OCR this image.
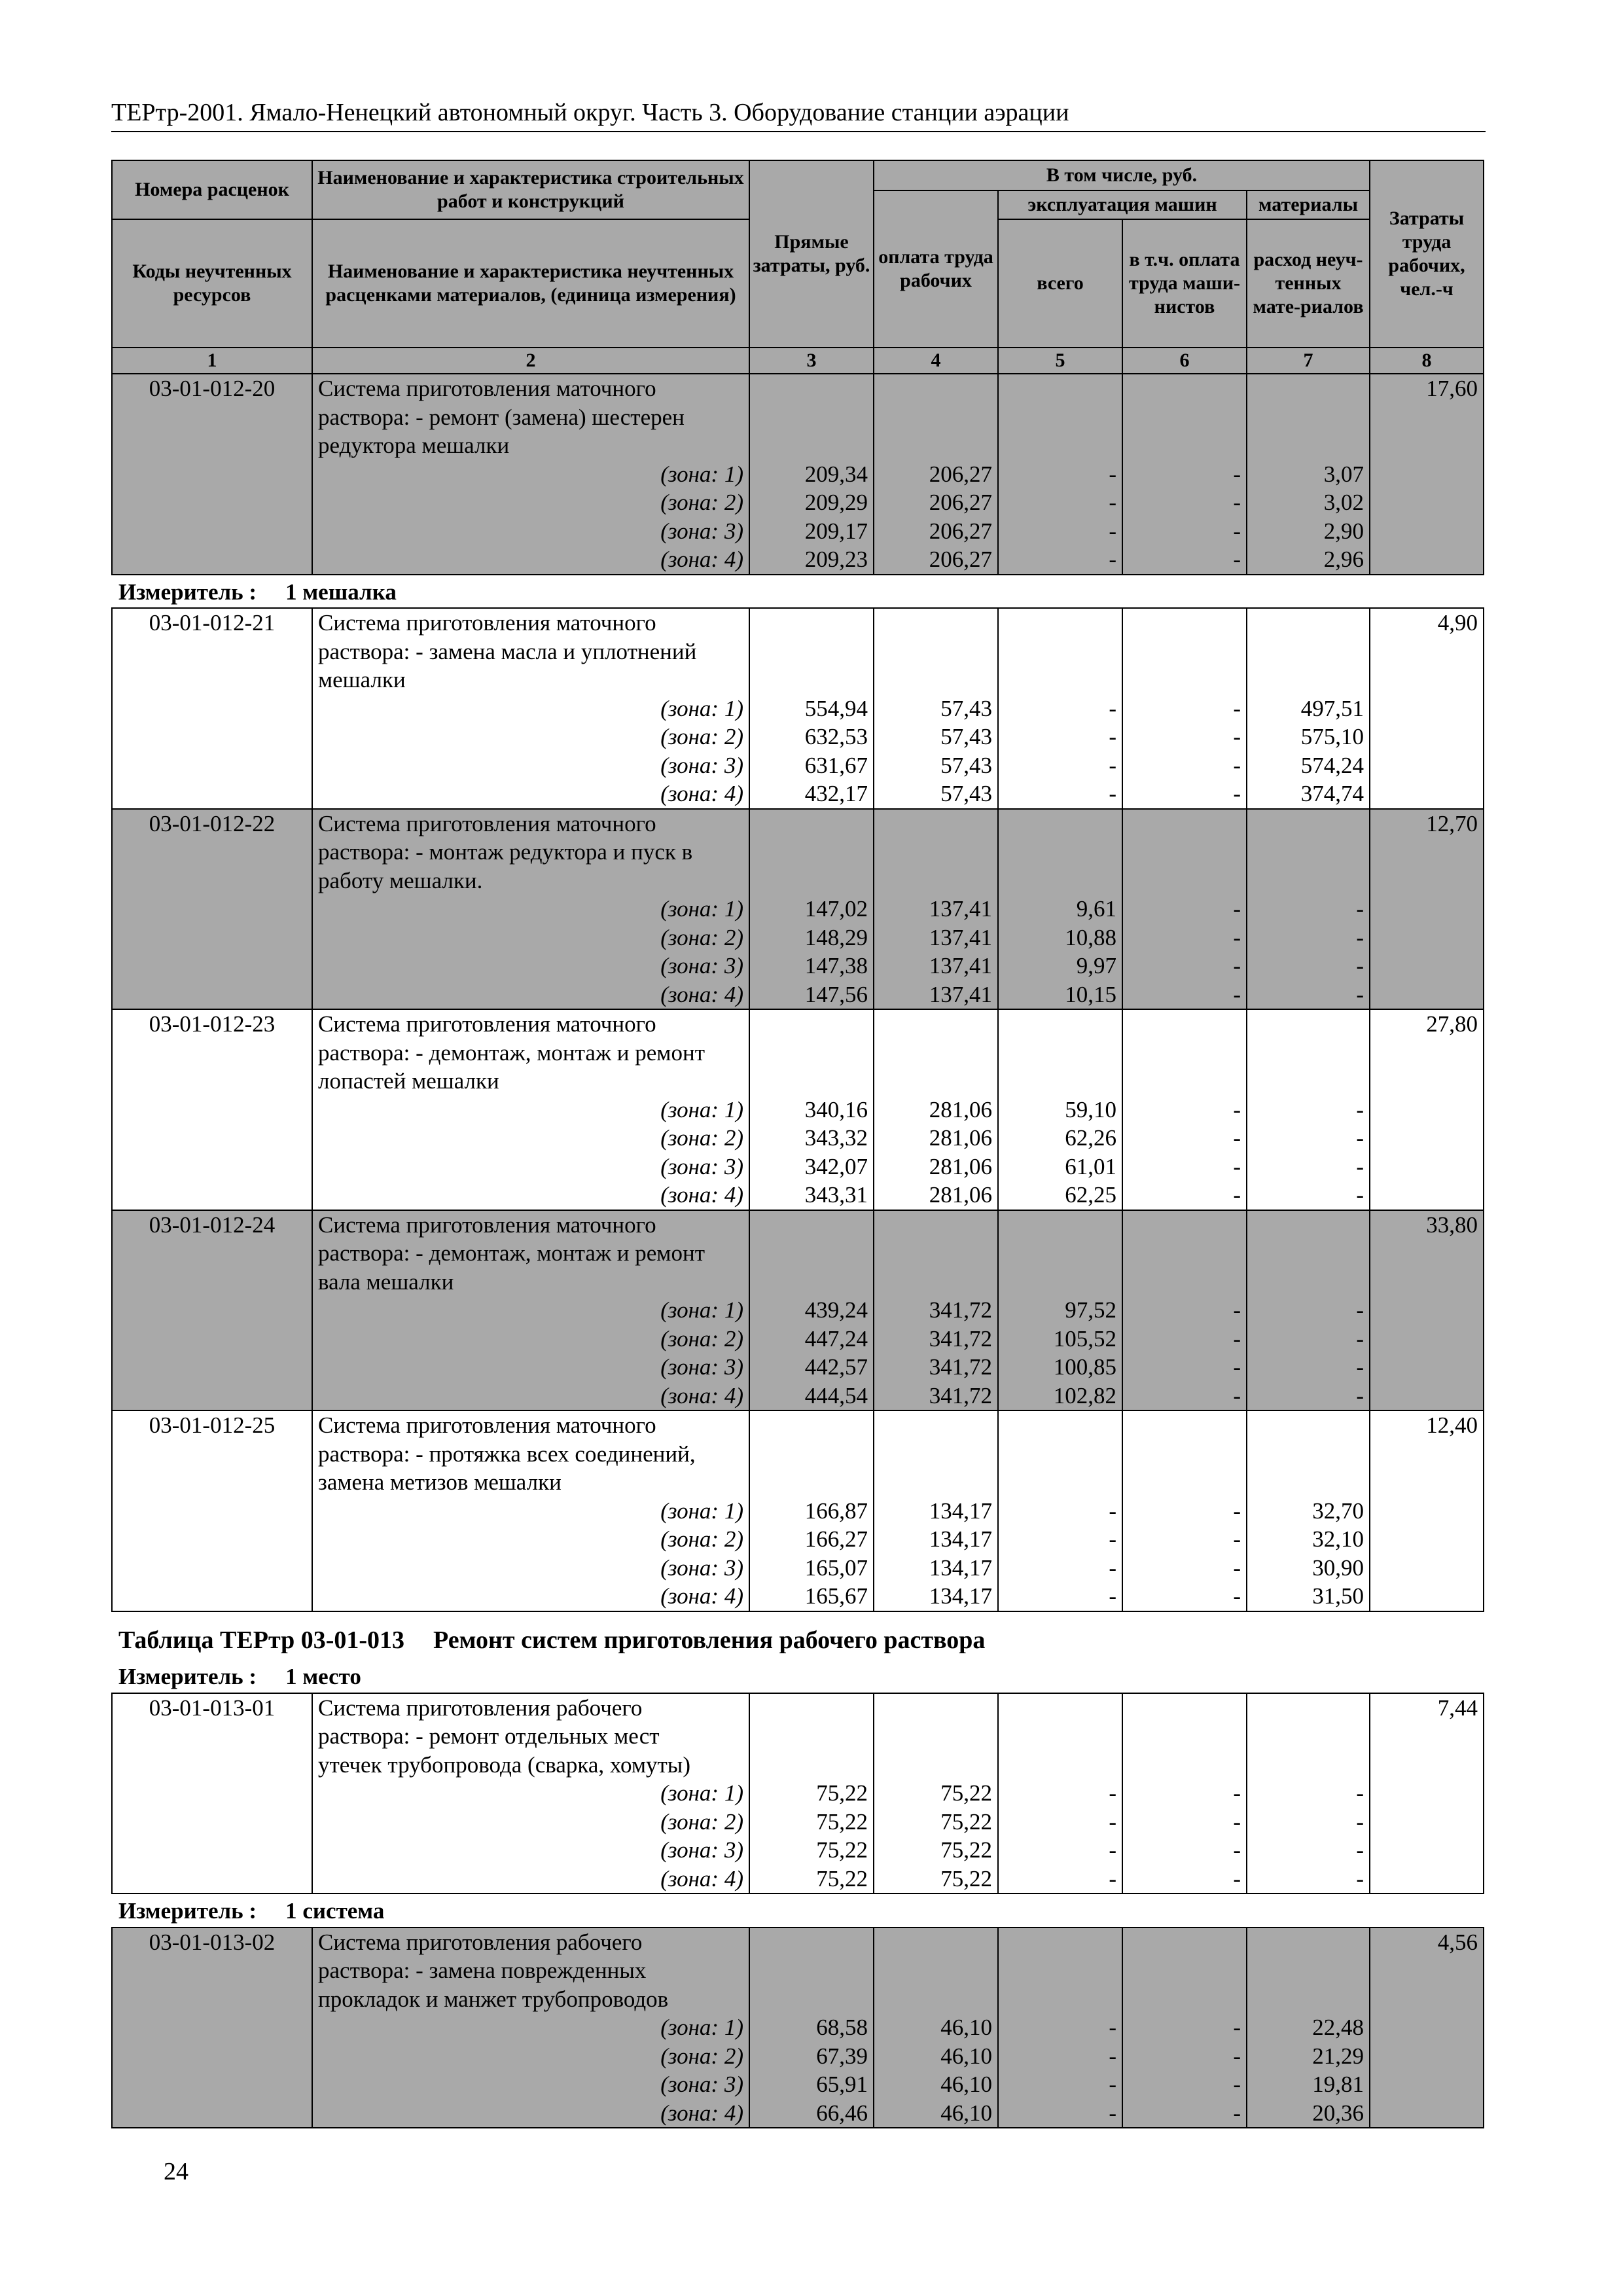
ТЕРтр-2001. Ямало-Ненецкий автономный округ. Часть 3. Оборудование станции аэрации
Номера расценок	Наименование и характеристика строительных работ и конструкций	Прямые затраты, руб.	В том числе, руб.				Затраты труда рабочих, чел.-ч
			оплата труда рабочих	эксплуатация машин		материалы	
Коды неучтенных ресурсов	Наименование и характеристика неучтенных расценками материалов, (единица измерения)			всего	в т.ч. оплата труда маши-нистов	расход неуч-тенных мате-риалов	
1	2	3	4	5	6	7	8
03-01-012-20	Система приготовления маточного						17,60
	раствора: - ремонт (замена) шестерен						
	редуктора мешалки						
	(зона: 1)	209,34	206,27	-	-	3,07	
	(зона: 2)	209,29	206,27	-	-	3,02	
	(зона: 3)	209,17	206,27	-	-	2,90	
	(зона: 4)	209,23	206,27	-	-	2,96	
Измеритель : 1 мешалка							
03-01-012-21	Система приготовления маточного						4,90
	раствора: - замена масла и уплотнений						
	мешалки						
	(зона: 1)	554,94	57,43	-	-	497,51	
	(зона: 2)	632,53	57,43	-	-	575,10	
	(зона: 3)	631,67	57,43	-	-	574,24	
	(зона: 4)	432,17	57,43	-	-	374,74	
03-01-012-22	Система приготовления маточного						12,70
	раствора: - монтаж редуктора и пуск в						
	работу мешалки.						
	(зона: 1)	147,02	137,41	9,61	-	-	
	(зона: 2)	148,29	137,41	10,88	-	-	
	(зона: 3)	147,38	137,41	9,97	-	-	
	(зона: 4)	147,56	137,41	10,15	-	-	
03-01-012-23	Система приготовления маточного						27,80
	раствора: - демонтаж, монтаж и ремонт						
	лопастей мешалки						
	(зона: 1)	340,16	281,06	59,10	-	-	
	(зона: 2)	343,32	281,06	62,26	-	-	
	(зона: 3)	342,07	281,06	61,01	-	-	
	(зона: 4)	343,31	281,06	62,25	-	-	
03-01-012-24	Система приготовления маточного						33,80
	раствора: - демонтаж, монтаж и ремонт						
	вала мешалки						
	(зона: 1)	439,24	341,72	97,52	-	-	
	(зона: 2)	447,24	341,72	105,52	-	-	
	(зона: 3)	442,57	341,72	100,85	-	-	
	(зона: 4)	444,54	341,72	102,82	-	-	
03-01-012-25	Система приготовления маточного						12,40
	раствора: - протяжка всех соединений,						
	замена метизов мешалки						
	(зона: 1)	166,87	134,17	-	-	32,70	
	(зона: 2)	166,27	134,17	-	-	32,10	
	(зона: 3)	165,07	134,17	-	-	30,90	
	(зона: 4)	165,67	134,17	-	-	31,50	
Таблица ТЕРтр 03-01-013 Ремонт систем приготовления рабочего раствора							
Измеритель : 1 место							
03-01-013-01	Система приготовления рабочего						7,44
	раствора: - ремонт отдельных мест						
	утечек трубопровода (сварка, хомуты)						
	(зона: 1)	75,22	75,22	-	-	-	
	(зона: 2)	75,22	75,22	-	-	-	
	(зона: 3)	75,22	75,22	-	-	-	
	(зона: 4)	75,22	75,22	-	-	-	
Измеритель : 1 система							
03-01-013-02	Система приготовления рабочего						4,56
	раствора: - замена поврежденных						
	прокладок и манжет трубопроводов						
	(зона: 1)	68,58	46,10	-	-	22,48	
	(зона: 2)	67,39	46,10	-	-	21,29	
	(зона: 3)	65,91	46,10	-	-	19,81	
	(зона: 4)	66,46	46,10	-	-	20,36	
24
